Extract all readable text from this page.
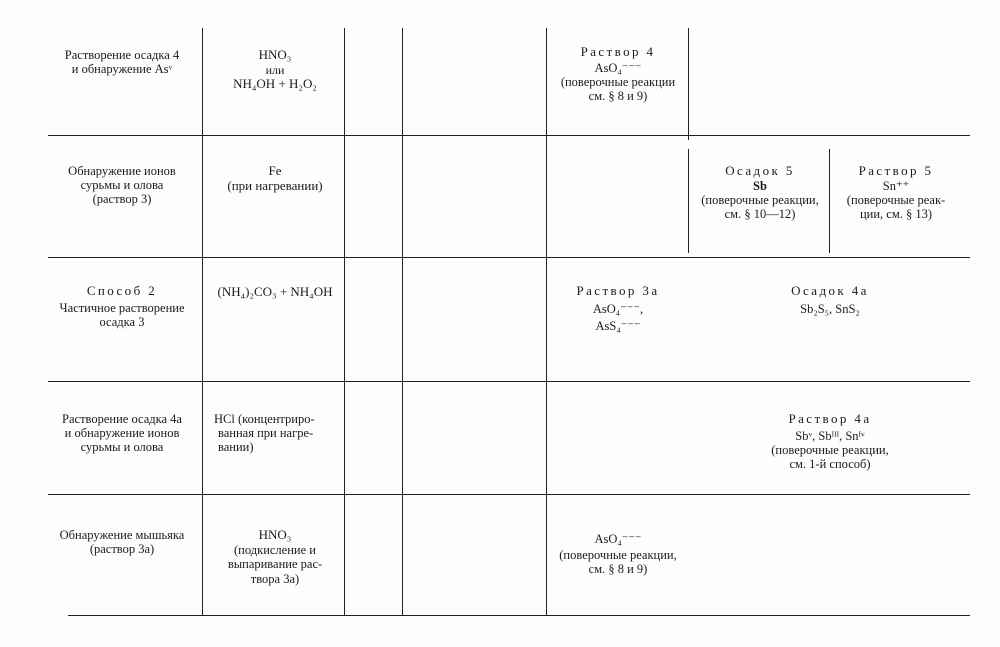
Растворение осадка 4
и обнаружение Asᵛ
HNO₃
или
NH₄OH + H₂O₂
Раствор 4
AsO₄⁻⁻⁻
(поверочные реакции
см. § 8 и 9)
Обнаружение ионов
сурьмы и олова
(раствор 3)
Fe
(при нагревании)
Осадок 5
Sb
(поверочные реакции,
см. § 10—12)
Раствор 5
Sn⁺⁺
(поверочные реак-
ции, см. § 13)
Способ 2
Частичное растворение
осадка 3
(NH₄)₂CO₃ + NH₄OH	Раствор 3а
AsO₄⁻⁻⁻,
AsS₄⁻⁻⁻
Осадок 4а
Sb₂S₅, SnS₂
Растворение осадка 4а
и обнаружение ионов
сурьмы и олова
HCl (концентриро-
ванная при нагре-
вании)
Раствор 4а
Sbᵛ, Sbᴵᴵᴵ, Snᴵᵛ
(поверочные реакции,
см. 1-й способ)
Обнаружение мышьяка
(раствор 3а)
HNO₃
(подкисление и
выпаривание рас-
твора 3а)
AsO₄⁻⁻⁻
(поверочные реакции,
см. § 8 и 9)
